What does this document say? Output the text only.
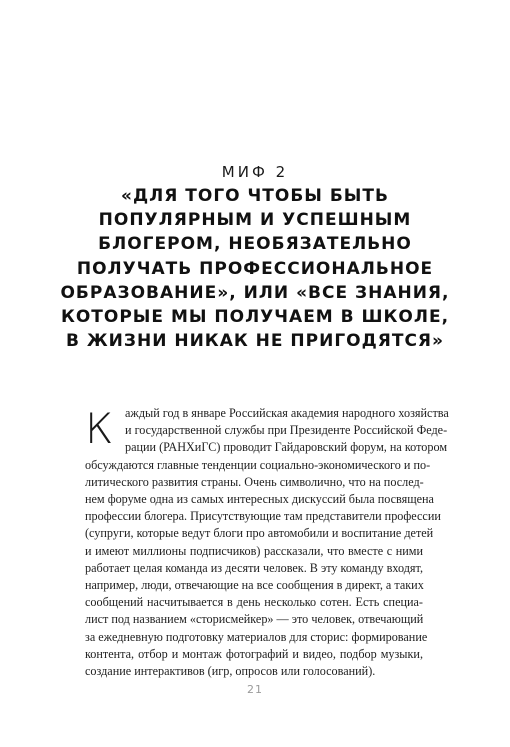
МИФ 2
«ДЛЯ ТОГО ЧТОБЫ БЫТЬ
ПОПУЛЯРНЫМ И УСПЕШНЫМ
БЛОГЕРОМ, НЕОБЯЗАТЕЛЬНО
ПОЛУЧАТЬ ПРОФЕССИОНАЛЬНОЕ
ОБРАЗОВАНИЕ», ИЛИ «ВСЕ ЗНАНИЯ,
КОТОРЫЕ МЫ ПОЛУЧАЕМ В ШКОЛЕ,
В ЖИЗНИ НИКАК НЕ ПРИГОДЯТСЯ»
К аждый год в январе Российская академия народного хозяйства
и государственной службы при Президенте Российской Феде-
рации (РАНХиГС) проводит Гайдаровский форум, на котором
обсуждаются главные тенденции социально-экономического и по-
литического развития страны. Очень символично, что на послед-
нем форуме одна из самых интересных дискуссий была посвящена
профессии блогера. Присутствующие там представители профессии
(супруги, которые ведут блоги про автомобили и воспитание детей
и имеют миллионы подписчиков) рассказали, что вместе с ними
работает целая команда из десяти человек. В эту команду входят,
например, люди, отвечающие на все сообщения в директ, а таких
сообщений насчитывается в день несколько сотен. Есть специа-
лист под названием «сторисмейкер» — это человек, отвечающий
за ежедневную подготовку материалов для сторис: формирование
контента, отбор и монтаж фотографий и видео, подбор музыки,
создание интерактивов (игр, опросов или голосований).
21
